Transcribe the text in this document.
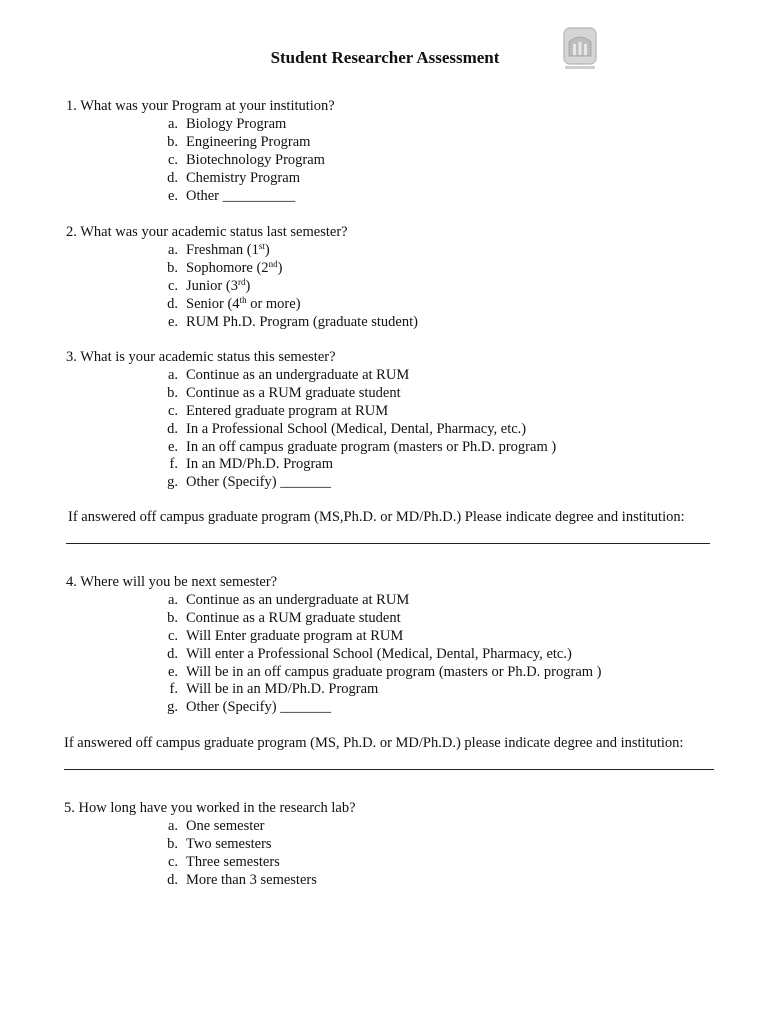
Student Researcher Assessment
1. What was your Program at your institution?
a. Biology Program
b. Engineering Program
c. Biotechnology Program
d. Chemistry Program
e. Other __________
2. What was your academic status last semester?
a. Freshman (1st)
b. Sophomore (2nd)
c. Junior (3rd)
d. Senior (4th or more)
e. RUM Ph.D. Program (graduate student)
3. What is your academic status this semester?
a. Continue as an undergraduate at RUM
b. Continue as a RUM graduate student
c. Entered graduate program at RUM
d. In a Professional School (Medical, Dental, Pharmacy, etc.)
e. In an off campus graduate program (masters or Ph.D. program )
f. In an MD/Ph.D. Program
g. Other (Specify) _______
If answered off campus graduate program (MS,Ph.D. or MD/Ph.D.) Please indicate degree and institution:
4. Where will you be next semester?
a. Continue as an undergraduate at RUM
b. Continue as a RUM graduate student
c. Will Enter graduate program at RUM
d. Will enter a Professional School (Medical, Dental, Pharmacy, etc.)
e. Will be in an off campus graduate program (masters or Ph.D. program )
f. Will be in an MD/Ph.D. Program
g. Other (Specify) _______
If answered off campus graduate program (MS, Ph.D. or MD/Ph.D.) please indicate degree and institution:
5. How long have you worked in the research lab?
a. One semester
b. Two semesters
c. Three semesters
d. More than 3 semesters
